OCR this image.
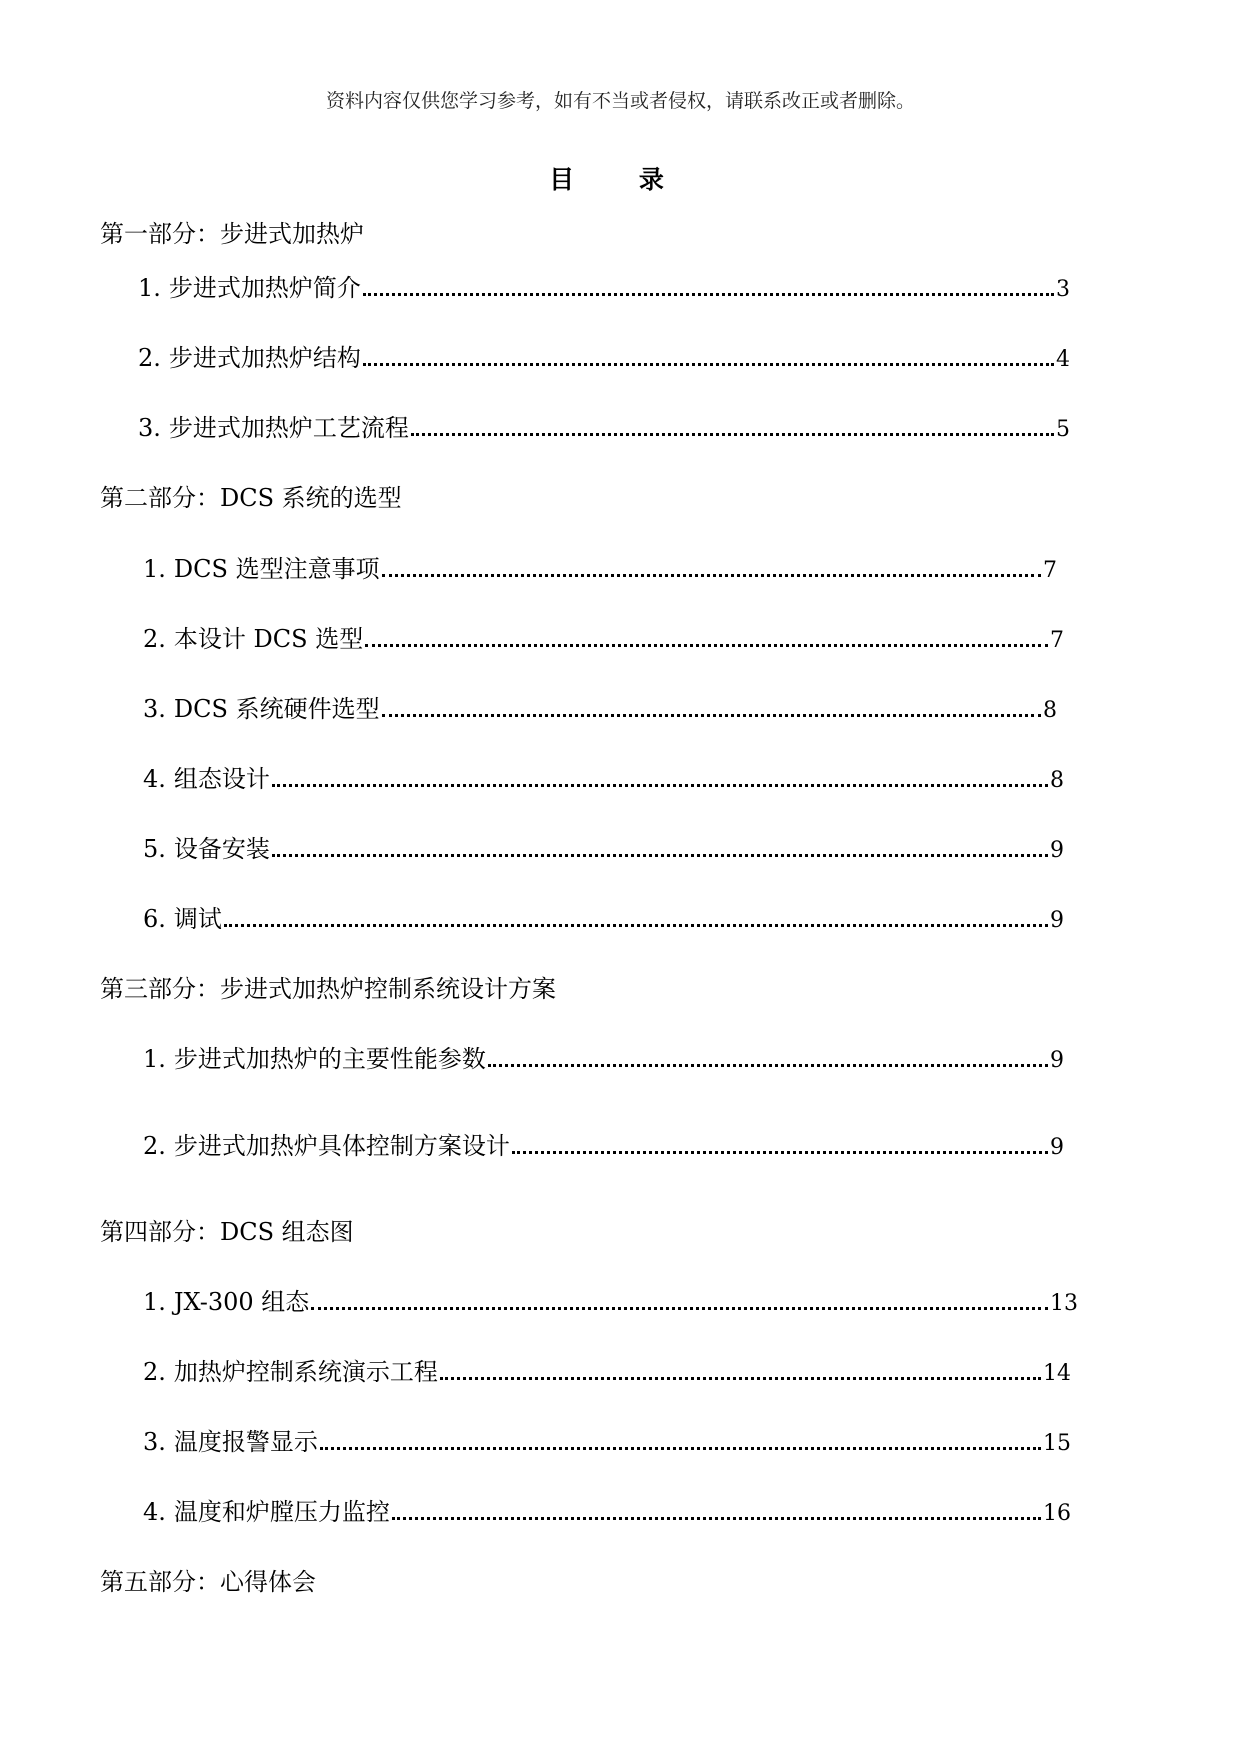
资料内容仅供您学习参考，如有不当或者侵权，请联系改正或者删除。
目 录
第一部分：步进式加热炉
1. 步进式加热炉简介	3
2. 步进式加热炉结构	4
3. 步进式加热炉工艺流程	5
第二部分：DCS 系统的选型
1. DCS 选型注意事项	7
2. 本设计 DCS 选型	7
3. DCS 系统硬件选型	8
4. 组态设计	8
5. 设备安装	9
6. 调试	9
第三部分：步进式加热炉控制系统设计方案
1. 步进式加热炉的主要性能参数	9
2. 步进式加热炉具体控制方案设计	9
第四部分：DCS 组态图
1. JX-300 组态	13
2. 加热炉控制系统演示工程	14
3. 温度报警显示	15
4. 温度和炉膛压力监控	16
第五部分：心得体会
